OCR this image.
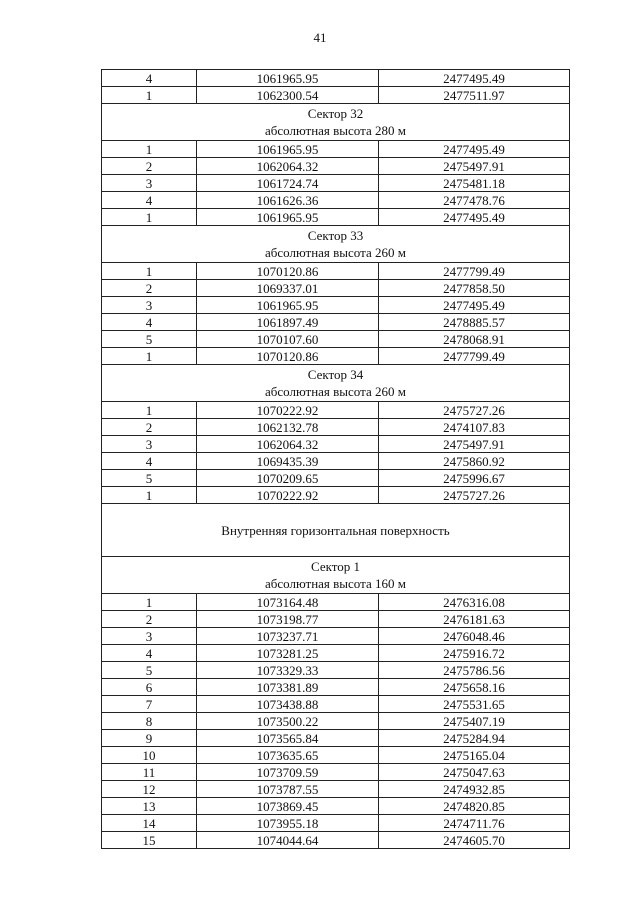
41
4	1061965.95	2477495.49
1	1062300.54	2477511.97

Сектор 32
абсолютная высота 280 м		

1	1061965.95	2477495.49
2	1062064.32	2475497.91
3	1061724.74	2475481.18
4	1061626.36	2477478.76
1	1061965.95	2477495.49

Сектор 33
абсолютная высота 260 м		

1	1070120.86	2477799.49
2	1069337.01	2477858.50
3	1061965.95	2477495.49
4	1061897.49	2478885.57
5	1070107.60	2478068.91
1	1070120.86	2477799.49

Сектор 34
абсолютная высота 260 м		

1	1070222.92	2475727.26
2	1062132.78	2474107.83
3	1062064.32	2475497.91
4	1069435.39	2475860.92
5	1070209.65	2475996.67
1	1070222.92	2475727.26

Внутренняя горизонтальная поверхность		

Сектор 1
абсолютная высота 160 м		

1	1073164.48	2476316.08
2	1073198.77	2476181.63
3	1073237.71	2476048.46
4	1073281.25	2475916.72
5	1073329.33	2475786.56
6	1073381.89	2475658.16
7	1073438.88	2475531.65
8	1073500.22	2475407.19
9	1073565.84	2475284.94
10	1073635.65	2475165.04
11	1073709.59	2475047.63
12	1073787.55	2474932.85
13	1073869.45	2474820.85
14	1073955.18	2474711.76
15	1074044.64	2474605.70
